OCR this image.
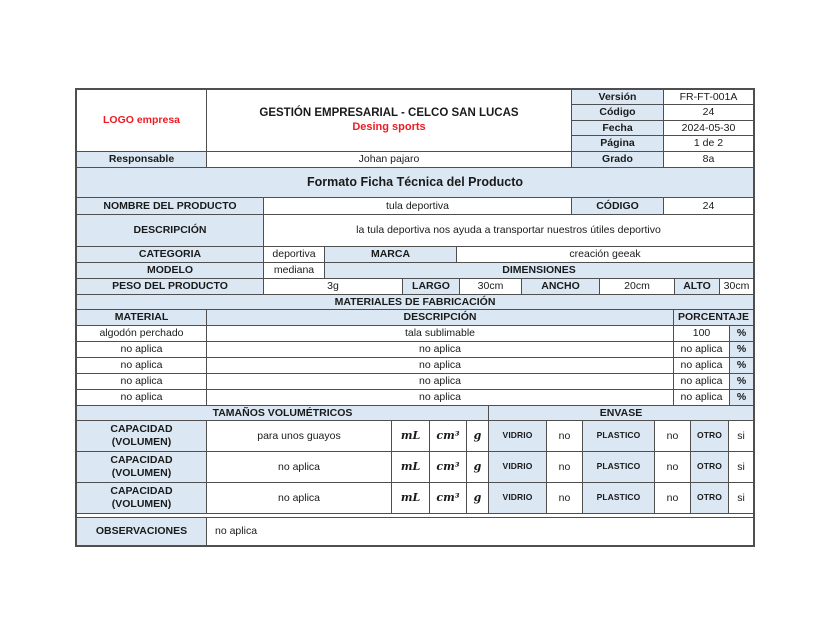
LOGO empresa
GESTIÓN EMPRESARIAL - CELCO SAN LUCAS
Desing sports
Versión	FR-FT-001A
Código	24
Fecha	2024-05-30
Página	1 de 2
Responsable	Johan pajaro	Grado	8a
Formato Ficha Técnica del Producto
NOMBRE DEL PRODUCTO	tula deportiva	CÓDIGO	24
DESCRIPCIÓN	la tula deportiva nos ayuda a transportar nuestros útiles deportivo
CATEGORIA	deportiva	MARCA	creación geeak
MODELO	mediana	DIMENSIONES
PESO DEL PRODUCTO	3g	LARGO	30cm	ANCHO	20cm	ALTO	30cm
MATERIALES DE FABRICACIÓN
MATERIAL	DESCRIPCIÓN	PORCENTAJE
algodón perchado	tala sublimable	100	%
no aplica	no aplica	no aplica	%
no aplica	no aplica	no aplica	%
no aplica	no aplica	no aplica	%
no aplica	no aplica	no aplica	%
TAMAÑOS VOLUMÉTRICOS	ENVASE
CAPACIDAD
(VOLUMEN)
para unos guayos	mL	cm³	g	VIDRIO	no	PLASTICO	no	OTRO	si
CAPACIDAD
(VOLUMEN)
no aplica	mL	cm³	g	VIDRIO	no	PLASTICO	no	OTRO	si
CAPACIDAD
(VOLUMEN)
no aplica	mL	cm³	g	VIDRIO	no	PLASTICO	no	OTRO	si
OBSERVACIONES	no aplica
